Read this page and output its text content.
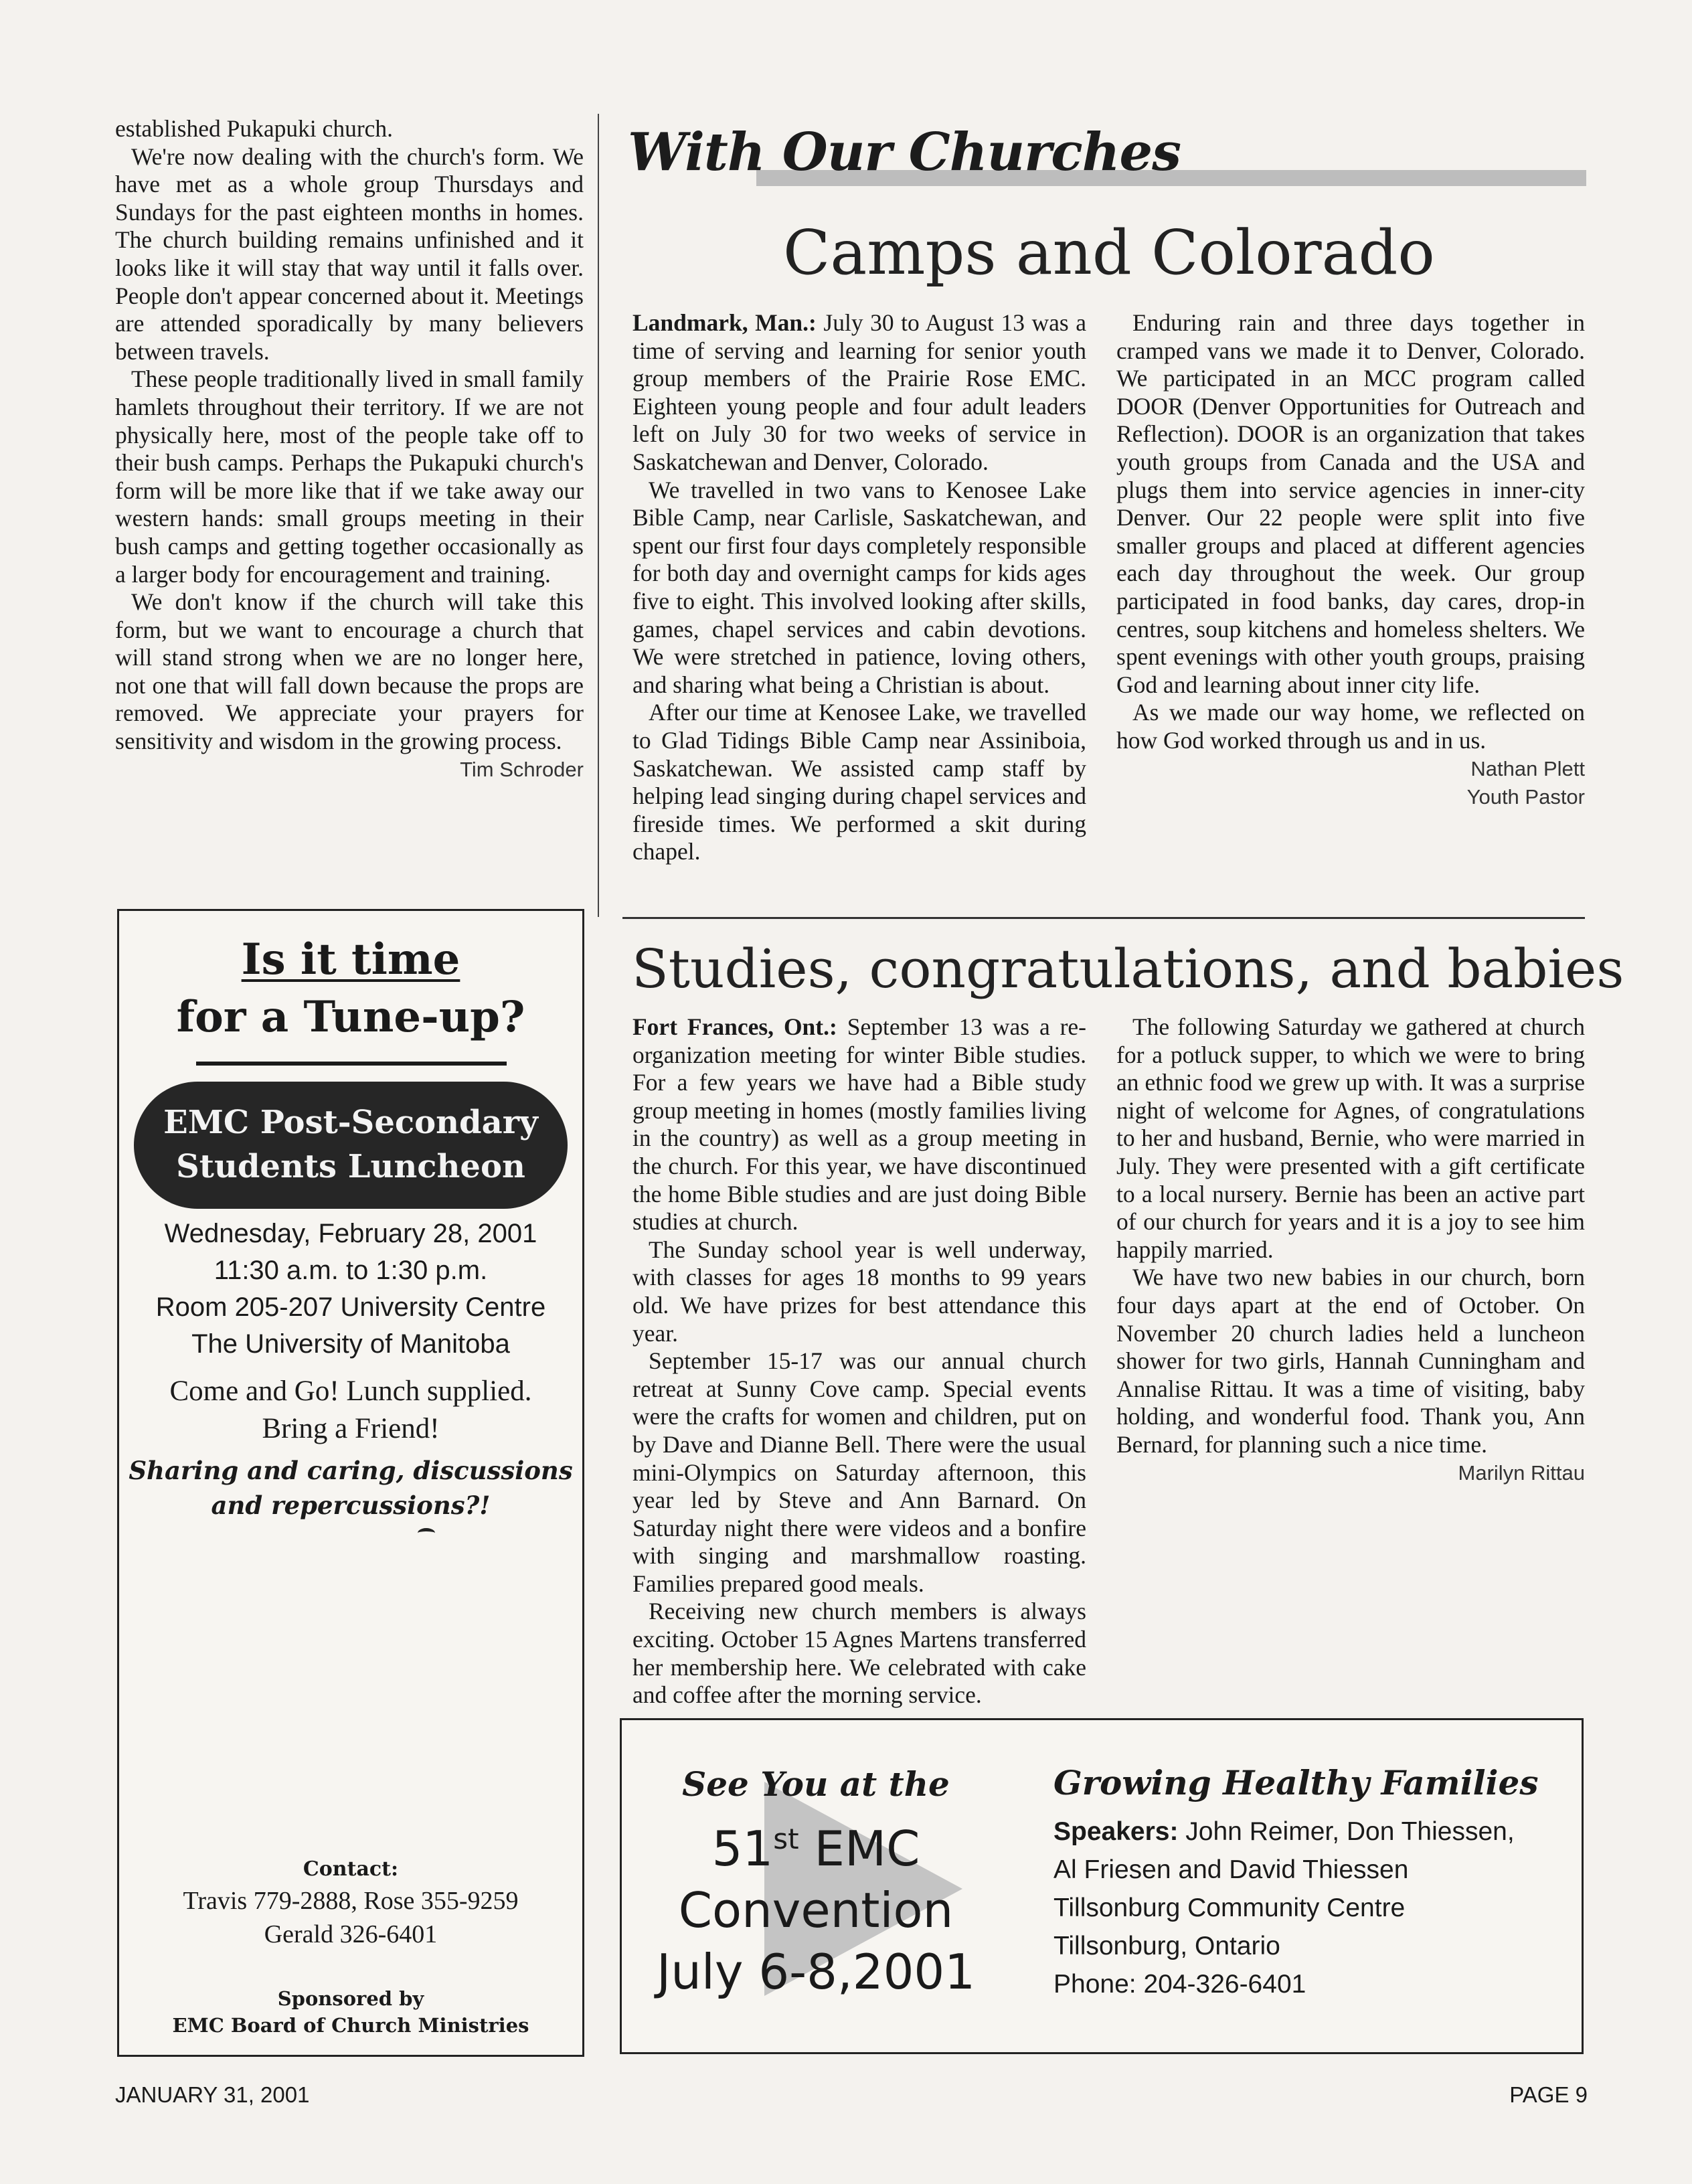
established Pukapuki church.

We're now dealing with the church's form. We have met as a whole group Thursdays and Sundays for the past eighteen months in homes. The church building remains unfinished and it looks like it will stay that way until it falls over. People don't appear concerned about it. Meetings are attended sporadically by many believers between travels.

These people traditionally lived in small family hamlets throughout their territory. If we are not physically here, most of the people take off to their bush camps. Perhaps the Pukapuki church's form will be more like that if we take away our western hands: small groups meeting in their bush camps and getting together occasionally as a larger body for encouragement and training.

We don't know if the church will take this form, but we want to encourage a church that will stand strong when we are no longer here, not one that will fall down because the props are removed. We appreciate your prayers for sensitivity and wisdom in the growing process.

Tim Schroder
With Our Churches
Camps and Colorado

Landmark, Man.: July 30 to August 13 was a time of serving and learning for senior youth group members of the Prairie Rose EMC. Eighteen young people and four adult leaders left on July 30 for two weeks of service in Saskatchewan and Denver, Colorado.

We travelled in two vans to Kenosee Lake Bible Camp, near Carlisle, Saskatchewan, and spent our first four days completely responsible for both day and overnight camps for kids ages five to eight. This involved looking after skills, games, chapel services and cabin devotions. We were stretched in patience, loving others, and sharing what being a Christian is about.

After our time at Kenosee Lake, we travelled to Glad Tidings Bible Camp near Assiniboia, Saskatchewan. We assisted camp staff by helping lead singing during chapel services and fireside times. We performed a skit during chapel.

Enduring rain and three days together in cramped vans we made it to Denver, Colorado. We participated in an MCC program called DOOR (Denver Opportunities for Outreach and Reflection). DOOR is an organization that takes youth groups from Canada and the USA and plugs them into service agencies in inner-city Denver. Our 22 people were split into five smaller groups and placed at different agencies each day throughout the week. Our group participated in food banks, day cares, drop-in centres, soup kitchens and homeless shelters. We spent evenings with other youth groups, praising God and learning about inner city life.

As we made our way home, we reflected on how God worked through us and in us.

Nathan Plett
Youth Pastor
Studies, congratulations, and babies

Fort Frances, Ont.: September 13 was a re-organization meeting for winter Bible studies. For a few years we have had a Bible study group meeting in homes (mostly families living in the country) as well as a group meeting in the church. For this year, we have discontinued the home Bible studies and are just doing Bible studies at church.

The Sunday school year is well underway, with classes for ages 18 months to 99 years old. We have prizes for best attendance this year.

September 15-17 was our annual church retreat at Sunny Cove camp. Special events were the crafts for women and children, put on by Dave and Dianne Bell. There were the usual mini-Olympics on Saturday afternoon, this year led by Steve and Ann Barnard. On Saturday night there were videos and a bonfire with singing and marshmallow roasting. Families prepared good meals.

Receiving new church members is always exciting. October 15 Agnes Martens transferred her membership here. We celebrated with cake and coffee after the morning service.

The following Saturday we gathered at church for a potluck supper, to which we were to bring an ethnic food we grew up with. It was a surprise night of welcome for Agnes, of congratulations to her and husband, Bernie, who were married in July. They were presented with a gift certificate to a local nursery. Bernie has been an active part of our church for years and it is a joy to see him happily married.

We have two new babies in our church, born four days apart at the end of October. On November 20 church ladies held a luncheon shower for two girls, Hannah Cunningham and Annalise Rittau. It was a time of visiting, baby holding, and wonderful food. Thank you, Ann Bernard, for planning such a nice time.

Marilyn Rittau
Is it time
for a Tune-up?
EMC Post-Secondary
Students Luncheon
Wednesday, February 28, 2001
11:30 a.m. to 1:30 p.m.
Room 205-207 University Centre
The University of Manitoba
Come and Go! Lunch supplied.
Bring a Friend!
Sharing and caring, discussions
and repercussions?!
Contact:
Travis 779-2888, Rose 355-9259
Gerald 326-6401
Sponsored by
EMC Board of Church Ministries
See You at the
51st EMC
Convention
July 6-8,2001
Growing Healthy Families
Speakers: John Reimer, Don Thiessen,
Al Friesen and David Thiessen
Tillsonburg Community Centre
Tillsonburg, Ontario
Phone: 204-326-6401
JANUARY 31, 2001	PAGE 9
